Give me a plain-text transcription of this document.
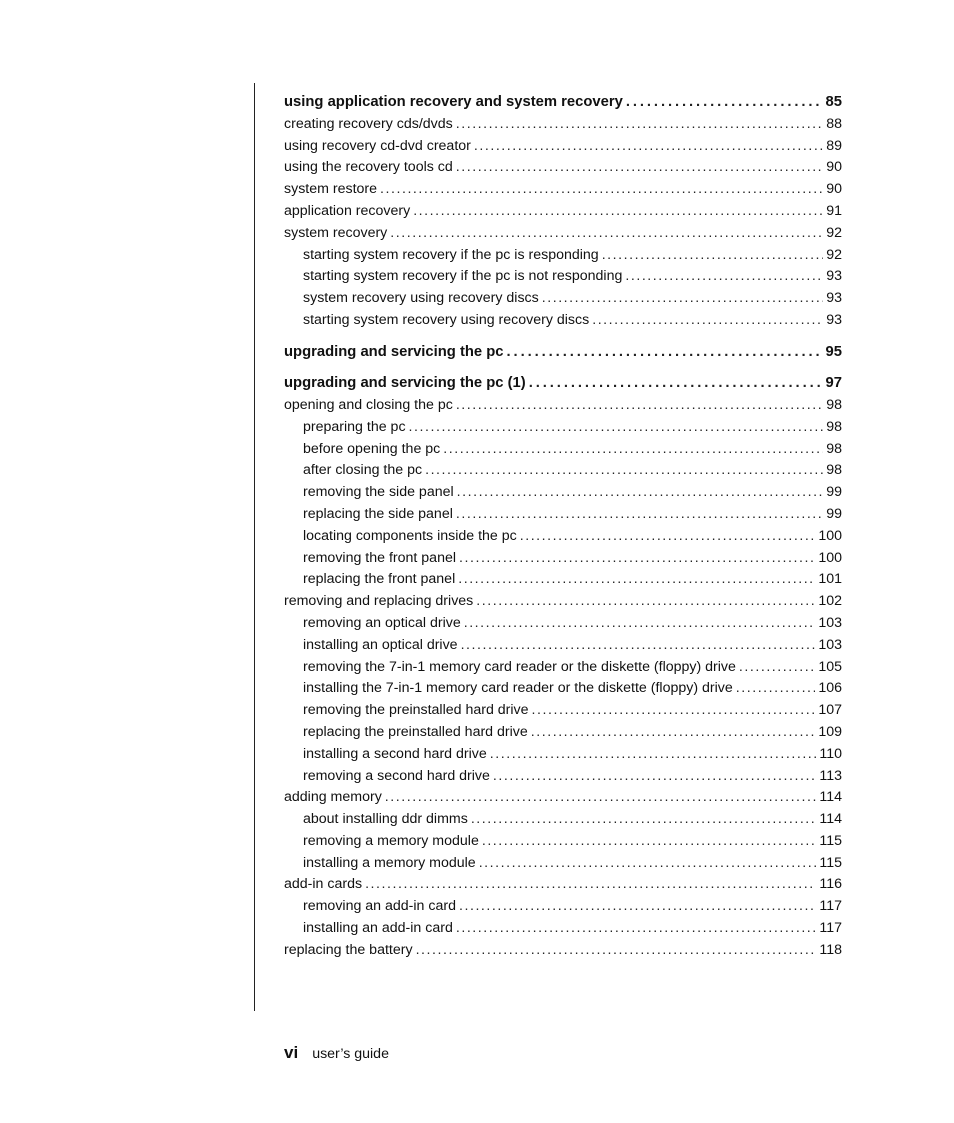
using application recovery and system recovery . . .	85
creating recovery cds/dvds . . .	88
using recovery cd-dvd creator . . .	89
using the recovery tools cd . . .	90
system restore . . .	90
application recovery . . .	91
system recovery . . .	92
starting system recovery if the pc is responding . . .	92
starting system recovery if the pc is not responding . . .	93
system recovery using recovery discs . . .	93
starting system recovery using recovery discs . . .	93
upgrading and servicing the pc . . .	95
upgrading and servicing the pc (1) . . .	97
opening and closing the pc . . .	98
preparing the pc . . .	98
before opening the pc . . .	98
after closing the pc . . .	98
removing the side panel . . .	99
replacing the side panel . . .	99
locating components inside the pc . . .	100
removing the front panel . . .	100
replacing the front panel . . .	101
removing and replacing drives . . .	102
removing an optical drive . . .	103
installing an optical drive . . .	103
removing the 7-in-1 memory card reader or the diskette (floppy) drive . . .	105
installing the 7-in-1 memory card reader or the diskette (floppy) drive . . .	106
removing the preinstalled hard drive . . .	107
replacing the preinstalled hard drive . . .	109
installing a second hard drive . . .	110
removing a second hard drive . . .	113
adding memory . . .	114
about installing ddr dimms . . .	114
removing a memory module . . .	115
installing a memory module . . .	115
add-in cards . . .	116
removing an add-in card . . .	117
installing an add-in card . . .	117
replacing the battery . . .	118
vi user’s guide
